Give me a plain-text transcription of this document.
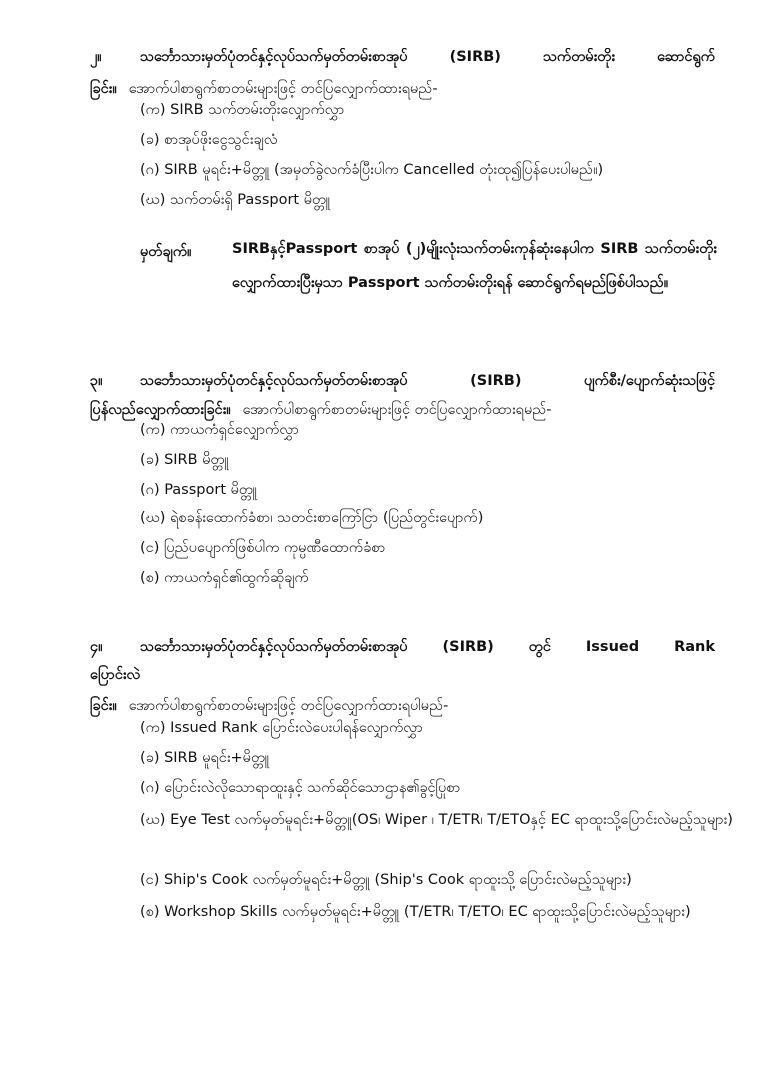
၂။	သင်္ဘောသားမှတ်ပုံတင်နှင့်လုပ်သက်မှတ်တမ်းစာအုပ် (SIRB) သက်တမ်းတိုး ဆောင်ရွက်
ခြင်း။ အောက်ပါစာရွက်စာတမ်းများဖြင့် တင်ပြလျှောက်ထားရမည်-
(က) SIRB သက်တမ်းတိုးလျှောက်လွှာ
(ခ) စာအုပ်ဖိုးငွေသွင်းချလံ
(ဂ) SIRB မူရင်း+မိတ္တူ (အမှတ်ခွဲလက်ခံပြီးပါက Cancelled တုံးထု၍ပြန်ပေးပါမည်။)
(ဃ) သက်တမ်းရှိ Passport မိတ္တူ
မှတ်ချက်။	SIRBနှင့်Passport စာအုပ် (၂)မျိုးလုံးသက်တမ်းကုန်ဆုံးနေပါက SIRB သက်တမ်းတိုး လျှောက်ထားပြီးမှသာ Passport သက်တမ်းတိုးရန် ဆောင်ရွက်ရမည်ဖြစ်ပါသည်။
၃။	သင်္ဘောသားမှတ်ပုံတင်နှင့်လုပ်သက်မှတ်တမ်းစာအုပ် (SIRB) ပျက်စီး/ပျောက်ဆုံးသဖြင့်
ပြန်လည်လျှောက်ထားခြင်း။ အောက်ပါစာရွက်စာတမ်းများဖြင့် တင်ပြလျှောက်ထားရမည်-
(က) ကာယကံရှင်လျှောက်လွှာ
(ခ) SIRB မိတ္တူ
(ဂ) Passport မိတ္တူ
(ဃ) ရဲစခန်းထောက်ခံစာ၊ သတင်းစာကြော်ငြာ (ပြည်တွင်းပျောက်)
(င) ပြည်ပပျောက်ဖြစ်ပါက ကုမ္ပဏီထောက်ခံစာ
(စ) ကာယကံရှင်၏ထွက်ဆိုချက်
၄။	သင်္ဘောသားမှတ်ပုံတင်နှင့်လုပ်သက်မှတ်တမ်းစာအုပ် (SIRB) တွင် Issued Rank
ပြောင်းလဲ
ခြင်း။ အောက်ပါစာရွက်စာတမ်းများဖြင့် တင်ပြလျှောက်ထားရပါမည်-
(က) Issued Rank ပြောင်းလဲပေးပါရန်လျှောက်လွှာ
(ခ) SIRB မူရင်း+မိတ္တူ
(ဂ) ပြောင်းလဲလိုသောရာထူးနှင့် သက်ဆိုင်သောဌာန၏ခွင့်ပြုစာ
(ဃ) Eye Test လက်မှတ်မူရင်း+မိတ္တူ(OS၊ Wiper ၊ T/ETR၊ T/ETOနှင့် EC ရာထူးသို့ပြောင်းလဲမည့်သူများ)
(င) Ship's Cook လက်မှတ်မူရင်း+မိတ္တူ (Ship's Cook ရာထူးသို့ ပြောင်းလဲမည့်သူများ)
(စ) Workshop Skills လက်မှတ်မူရင်း+မိတ္တူ (T/ETR၊ T/ETO၊ EC ရာထူးသို့ပြောင်းလဲမည့်သူများ)
